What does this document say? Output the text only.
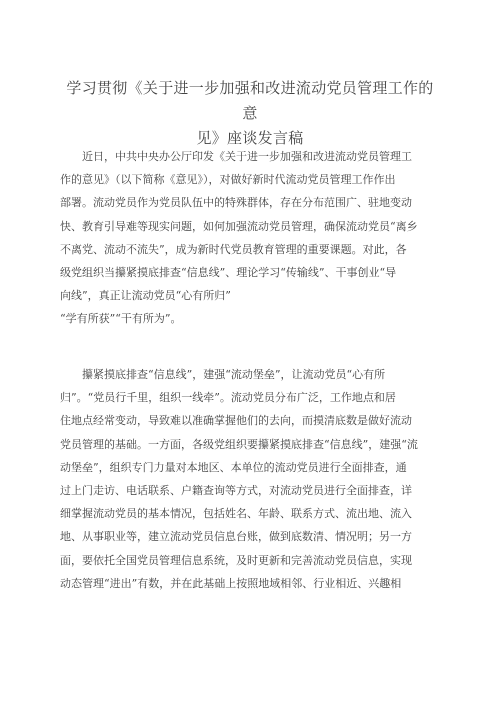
学习贯彻《关于进一步加强和改进流动党员管理工作的意
见》座谈发言稿
近日，中共中央办公厅印发《关于进一步加强和改进流动党员管理工
作的意见》（以下简称《意见》），对做好新时代流动党员管理工作作出
部署。流动党员作为党员队伍中的特殊群体，存在分布范围广、驻地变动
快、教育引导难等现实问题，如何加强流动党员管理，确保流动党员“离乡
不离党、流动不流失”，成为新时代党员教育管理的重要课题。对此，各
级党组织当攥紧摸底排查“信息线”、理论学习“传输线”、干事创业“导
向线”，真正让流动党员“心有所归”
“学有所获”“干有所为”。
攥紧摸底排查“信息线”，建强“流动堡垒”，让流动党员“心有所
归”。“党员行千里，组织一线牵”。流动党员分布广泛，工作地点和居
住地点经常变动，导致难以准确掌握他们的去向，而摸清底数是做好流动
党员管理的基础。一方面，各级党组织要攥紧摸底排查“信息线”，建强“流
动堡垒”，组织专门力量对本地区、本单位的流动党员进行全面排查，通
过上门走访、电话联系、户籍查询等方式，对流动党员进行全面排查，详
细掌握流动党员的基本情况，包括姓名、年龄、联系方式、流出地、流入
地、从事职业等，建立流动党员信息台账，做到底数清、情况明；另一方
面，要依托全国党员管理信息系统，及时更新和完善流动党员信息，实现
动态管理“进出”有数，并在此基础上按照地域相邻、行业相近、兴趣相
